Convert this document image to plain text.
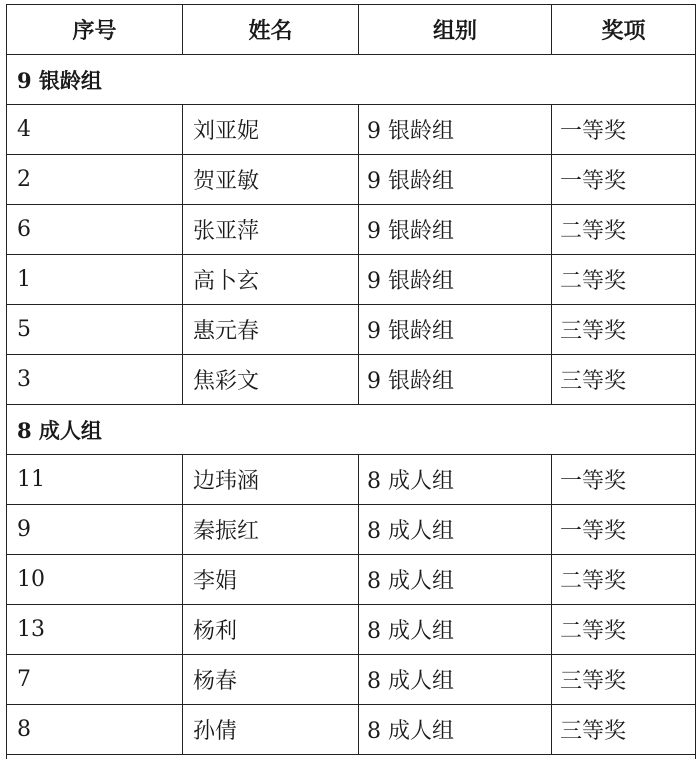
序号	姓名	组别	奖项
9 银龄组			
4	刘亚妮	9 银龄组	一等奖
2	贺亚敏	9 银龄组	一等奖
6	张亚萍	9 银龄组	二等奖
1	高卜玄	9 银龄组	二等奖
5	惠元春	9 银龄组	三等奖
3	焦彩文	9 银龄组	三等奖
8 成人组			
11	边玮涵	8 成人组	一等奖
9	秦振红	8 成人组	一等奖
10	李娟	8 成人组	二等奖
13	杨利	8 成人组	二等奖
7	杨春	8 成人组	三等奖
8	孙倩	8 成人组	三等奖
